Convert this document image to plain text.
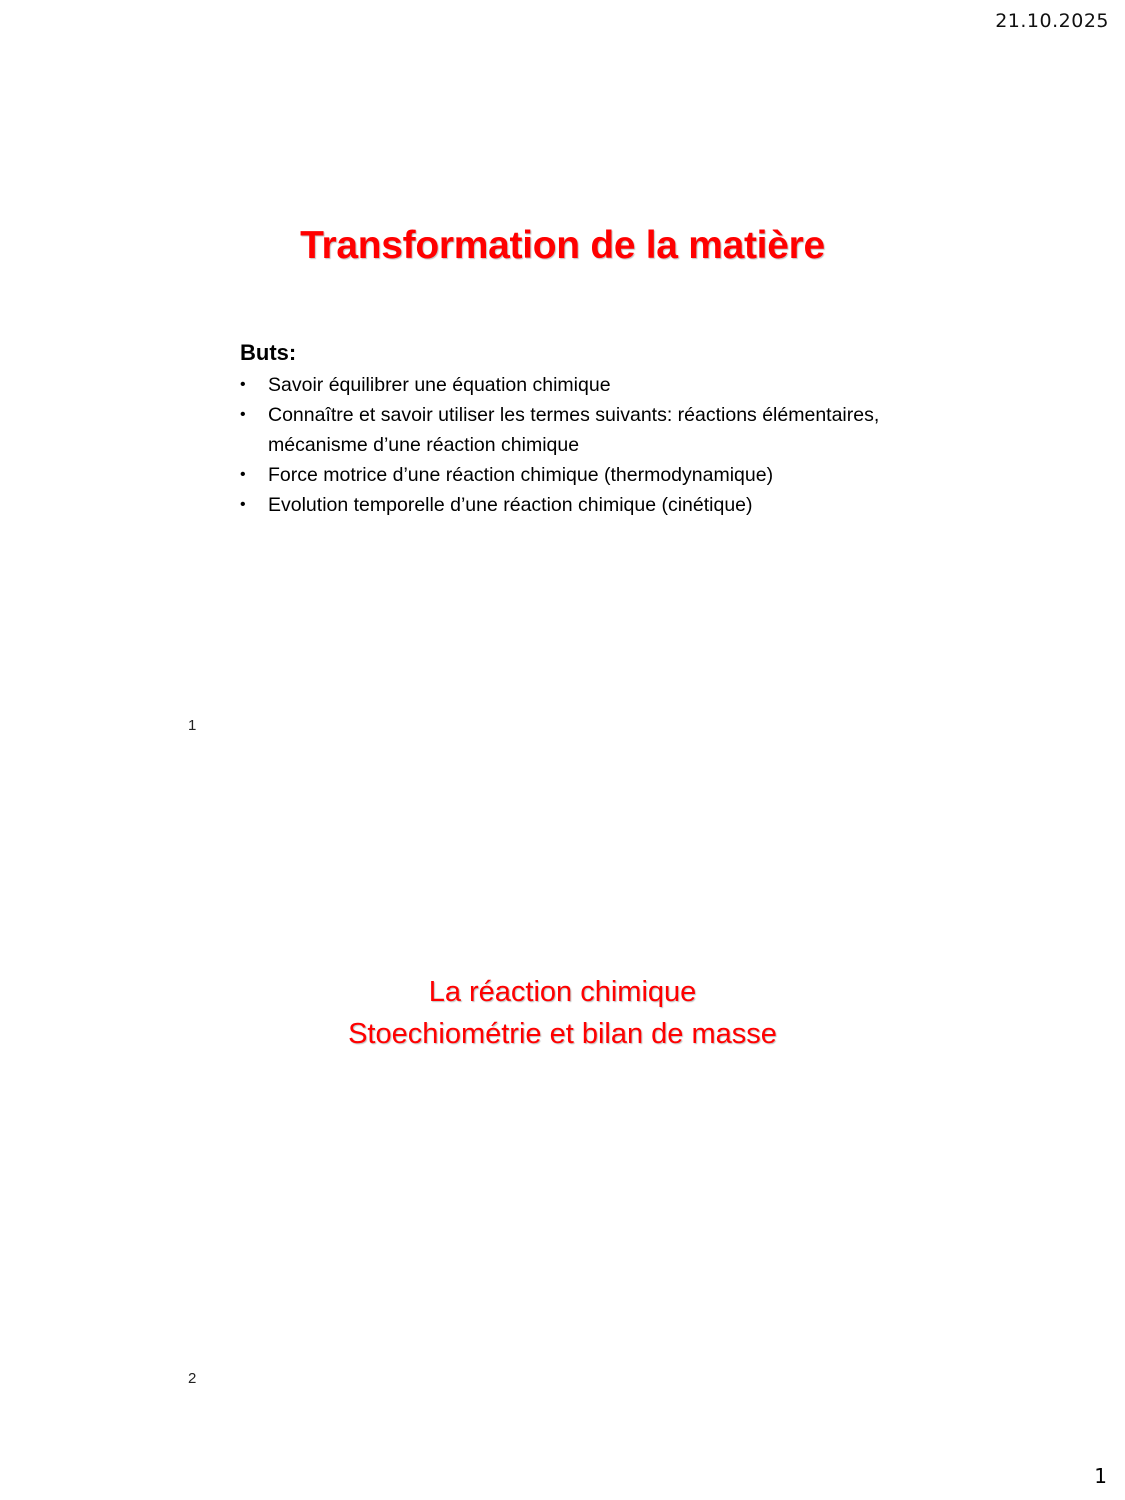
21.10.2025
Transformation de la matière
Buts:
• Savoir équilibrer une équation chimique
• Connaître et savoir utiliser les termes suivants: réactions élémentaires, mécanisme d’une réaction chimique
• Force motrice d’une réaction chimique (thermodynamique)
• Evolution temporelle d’une réaction chimique (cinétique)
1
La réaction chimique
Stoechiométrie et bilan de masse
2
1
